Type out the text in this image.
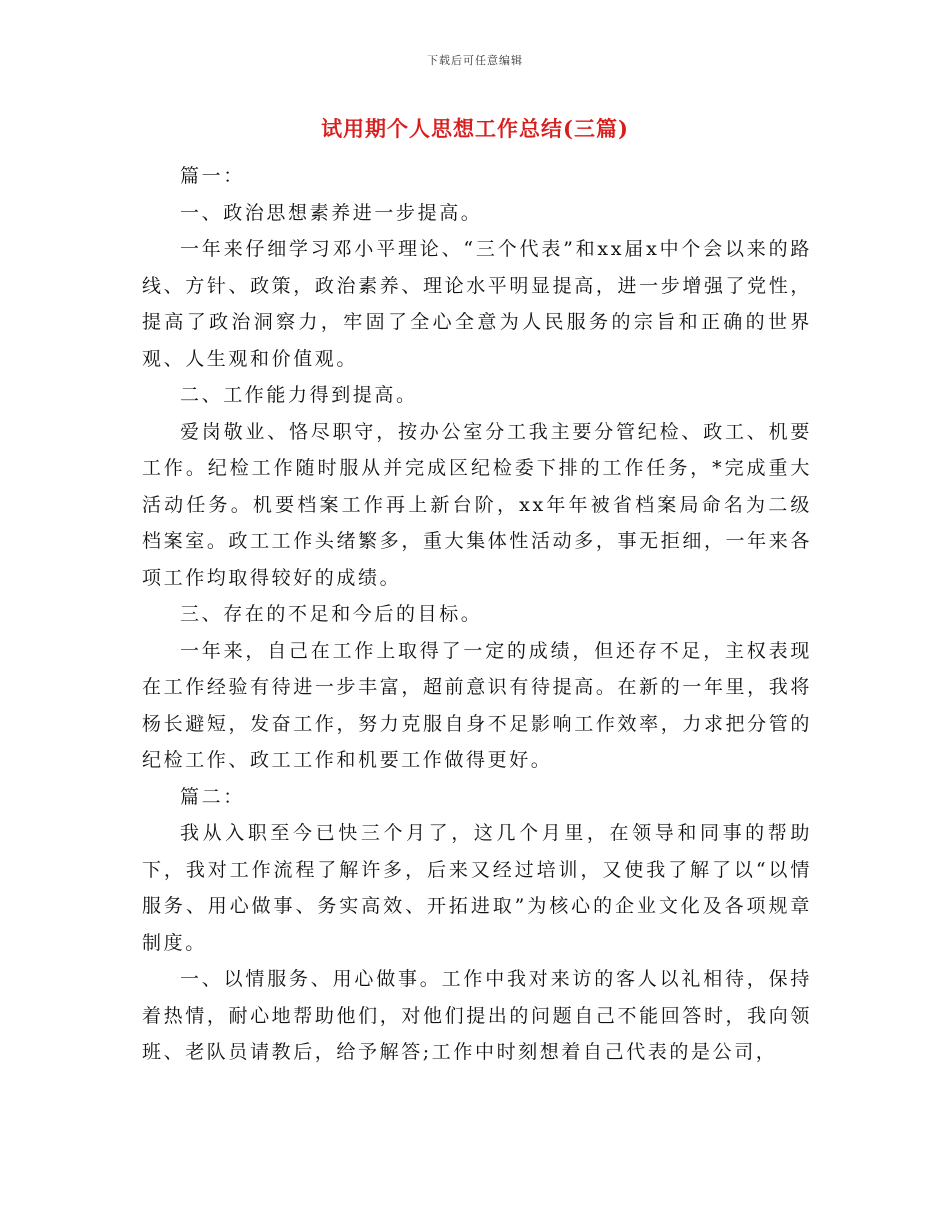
下载后可任意编辑
试用期个人思想工作总结(三篇)

篇一：

一、政治思想素养进一步提高。

一年来仔细学习邓小平理论、“三个代表”和xx届x中个会以来的路线、方针、政策，政治素养、理论水平明显提高，进一步增强了党性，提高了政治洞察力，牢固了全心全意为人民服务的宗旨和正确的世界观、人生观和价值观。

二、工作能力得到提高。

爱岗敬业、恪尽职守，按办公室分工我主要分管纪检、政工、机要工作。纪检工作随时服从并完成区纪检委下排的工作任务，*完成重大活动任务。机要档案工作再上新台阶，xx年年被省档案局命名为二级档案室。政工工作头绪繁多，重大集体性活动多，事无拒细，一年来各项工作均取得较好的成绩。

三、存在的不足和今后的目标。

一年来，自己在工作上取得了一定的成绩，但还存不足，主权表现在工作经验有待进一步丰富，超前意识有待提高。在新的一年里，我将杨长避短，发奋工作，努力克服自身不足影响工作效率，力求把分管的纪检工作、政工工作和机要工作做得更好。

篇二：

我从入职至今已快三个月了，这几个月里，在领导和同事的帮助下，我对工作流程了解许多，后来又经过培训，又使我了解了以“以情服务、用心做事、务实高效、开拓进取”为核心的企业文化及各项规章制度。

一、以情服务、用心做事。工作中我对来访的客人以礼相待，保持着热情，耐心地帮助他们，对他们提出的问题自己不能回答时，我向领班、老队员请教后，给予解答;工作中时刻想着自己代表的是公司，
